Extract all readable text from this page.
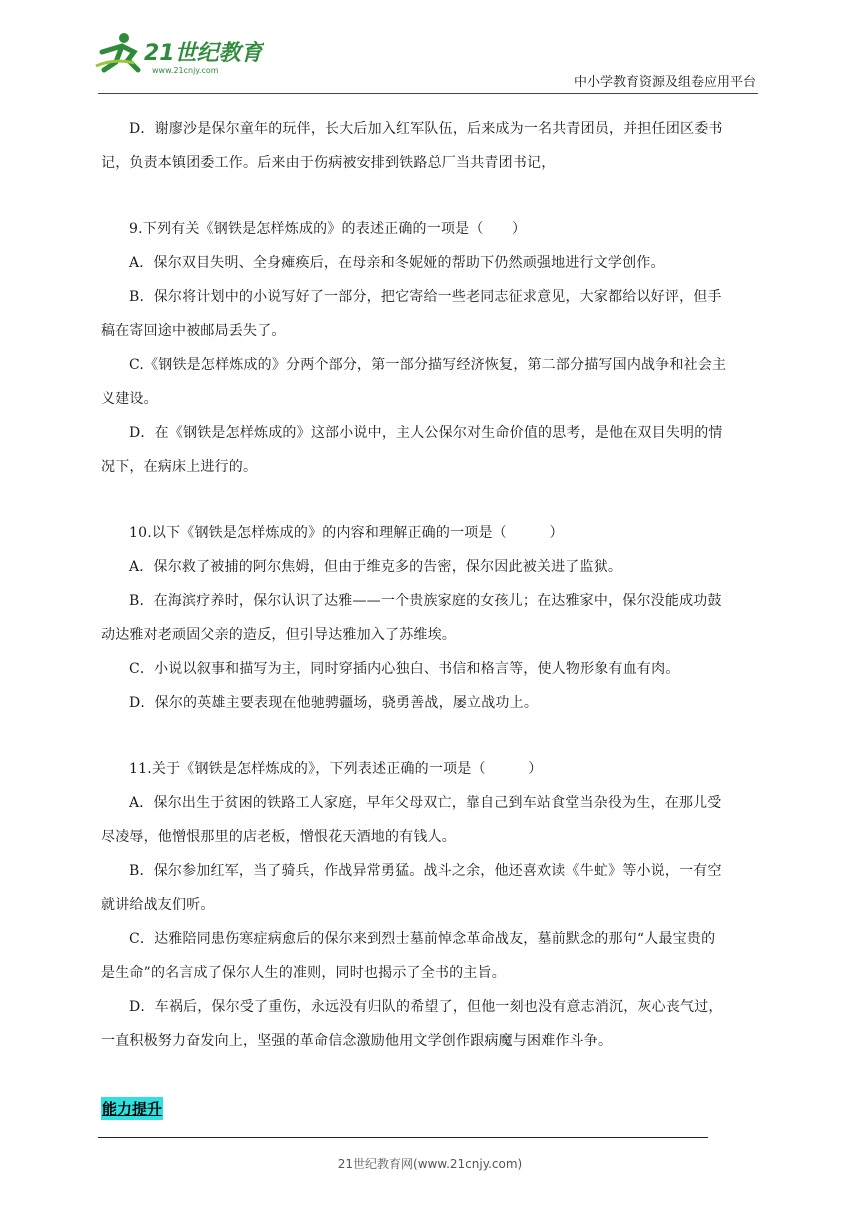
21世纪教育
www.21cnjy.com
中小学教育资源及组卷应用平台

D．谢廖沙是保尔童年的玩伴，长大后加入红军队伍，后来成为一名共青团员，并担任团区委书

记，负责本镇团委工作。后来由于伤病被安排到铁路总厂当共青团书记，

9.下列有关《钢铁是怎样炼成的》的表述正确的一项是（　　）

A．保尔双目失明、全身瘫痪后，在母亲和冬妮娅的帮助下仍然顽强地进行文学创作。

B．保尔将计划中的小说写好了一部分，把它寄给一些老同志征求意见，大家都给以好评，但手

稿在寄回途中被邮局丢失了。

C.《钢铁是怎样炼成的》分两个部分，第一部分描写经济恢复，第二部分描写国内战争和社会主

义建设。

D．在《钢铁是怎样炼成的》这部小说中，主人公保尔对生命价值的思考，是他在双目失明的情

况下，在病床上进行的。

10.以下《钢铁是怎样炼成的》的内容和理解正确的一项是（　　　）

A．保尔救了被捕的阿尔焦姆，但由于维克多的告密，保尔因此被关进了监狱。

B．在海滨疗养时，保尔认识了达雅——一个贵族家庭的女孩儿；在达雅家中，保尔没能成功鼓

动达雅对老顽固父亲的造反，但引导达雅加入了苏维埃。

C．小说以叙事和描写为主，同时穿插内心独白、书信和格言等，使人物形象有血有肉。

D．保尔的英雄主要表现在他驰骋疆场，骁勇善战，屡立战功上。

11.关于《钢铁是怎样炼成的》，下列表述正确的一项是（　　　）

A．保尔出生于贫困的铁路工人家庭，早年父母双亡，靠自己到车站食堂当杂役为生，在那儿受

尽凌辱，他憎恨那里的店老板，憎恨花天酒地的有钱人。

B．保尔参加红军，当了骑兵，作战异常勇猛。战斗之余，他还喜欢读《牛虻》等小说，一有空

就讲给战友们听。

C．达雅陪同患伤寒症病愈后的保尔来到烈士墓前悼念革命战友，墓前默念的那句“人最宝贵的

是生命”的名言成了保尔人生的准则，同时也揭示了全书的主旨。

D．车祸后，保尔受了重伤，永远没有归队的希望了，但他一刻也没有意志消沉，灰心丧气过，

一直积极努力奋发向上，坚强的革命信念激励他用文学创作跟病魔与困难作斗争。

能力提升
21世纪教育网(www.21cnjy.com)
